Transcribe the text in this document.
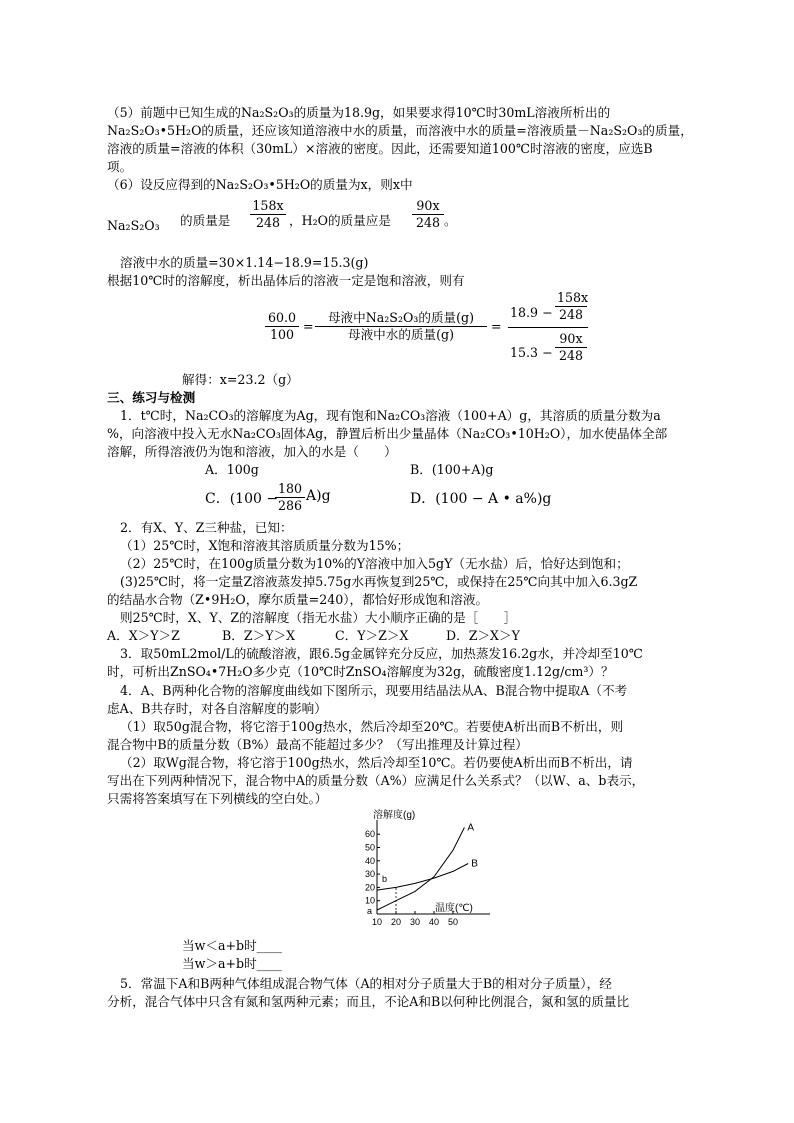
（5）前题中已知生成的Na₂S₂O₃的质量为18.9g，如果要求得10℃时30mL溶液所析出的
Na₂S₂O₃•5H₂O的质量，还应该知道溶液中水的质量，而溶液中水的质量=溶液质量－Na₂S₂O₃的质量，
溶液的质量=溶液的体积（30mL）×溶液的密度。因此，还需要知道100℃时溶液的密度，应选B
项。
（6）设反应得到的Na₂S₂O₃•5H₂O的质量为x，则x中
Na₂S₂O₃ 的质量是 $\frac{158x}{248}$ ，H₂O的质量应是 $\frac{90x}{248}$ 。
溶液中水的质量=30×1.14−18.9=15.3(g)
根据10℃时的溶解度，析出晶体后的溶液一定是饱和溶液，则有
$\frac{60.0}{100}$ =
母液中Na₂S₂O₃的质量(g)
母液中水的质量(g)
=
$18.9 - \frac{158x}{248}$
$15.3 - \frac{90x}{248}$
解得：x=23.2（g）
三、练习与检测
1．t℃时，Na₂CO₃的溶解度为Ag，现有饱和Na₂CO₃溶液（100+A）g，其溶质的质量分数为a
%，向溶液中投入无水Na₂CO₃固体Ag，静置后析出少量晶体（Na₂CO₃•10H₂O），加水使晶体全部
溶解，所得溶液仍为饱和溶液，加入的水是（　　）
A．100g	B．(100+A)g
C．(100 −
$\frac{180}{286} A)g$	D．(100 − A • a%)g
2．有X、Y、Z三种盐，已知：
（1）25℃时，X饱和溶液其溶质质量分数为15%；
（2）25℃时，在100g质量分数为10%的Y溶液中加入5gY（无水盐）后，恰好达到饱和；
(3)25℃时，将一定量Z溶液蒸发掉5.75g水再恢复到25℃，或保持在25℃向其中加入6.3gZ
的结晶水合物（Z•9H₂O，摩尔质量=240），都恰好形成饱和溶液。
则25℃时，X、Y、Z的溶解度（指无水盐）大小顺序正确的是［　　］
A．X＞Y＞Z	B．Z＞Y＞X	C．Y＞Z＞X	D．Z＞X＞Y
3．取50mL2mol/L的硫酸溶液，跟6.5g金属锌充分反应，加热蒸发16.2g水，并冷却至10℃
时，可析出ZnSO₄•7H₂O多少克（10℃时ZnSO₄溶解度为32g，硫酸密度1.12g/cm³）？
4．A、B两种化合物的溶解度曲线如下图所示，现要用结晶法从A、B混合物中提取A（不考
虑A、B共存时，对各自溶解度的影响）
（1）取50g混合物，将它溶于100g热水，然后冷却至20℃。若要使A析出而B不析出，则
混合物中B的质量分数（B%）最高不能超过多少？（写出推理及计算过程）
（2）取Wg混合物，将它溶于100g热水，然后冷却至10℃。若仍要使A析出而B不析出，请
写出在下列两种情况下，混合物中A的质量分数（A%）应满足什么关系式？（以W、a、b表示，
只需将答案填写在下列横线的空白处。）
10
20
30
40
50
60
10 20 30 40 50
溶解度(g)
温度(℃)
A
B
a
b
当w＜a+b时____
当w＞a+b时____
5．常温下A和B两种气体组成混合物气体（A的相对分子质量大于B的相对分子质量），经
分析，混合气体中只含有氮和氢两种元素；而且，不论A和B以何种比例混合，氮和氢的质量比
